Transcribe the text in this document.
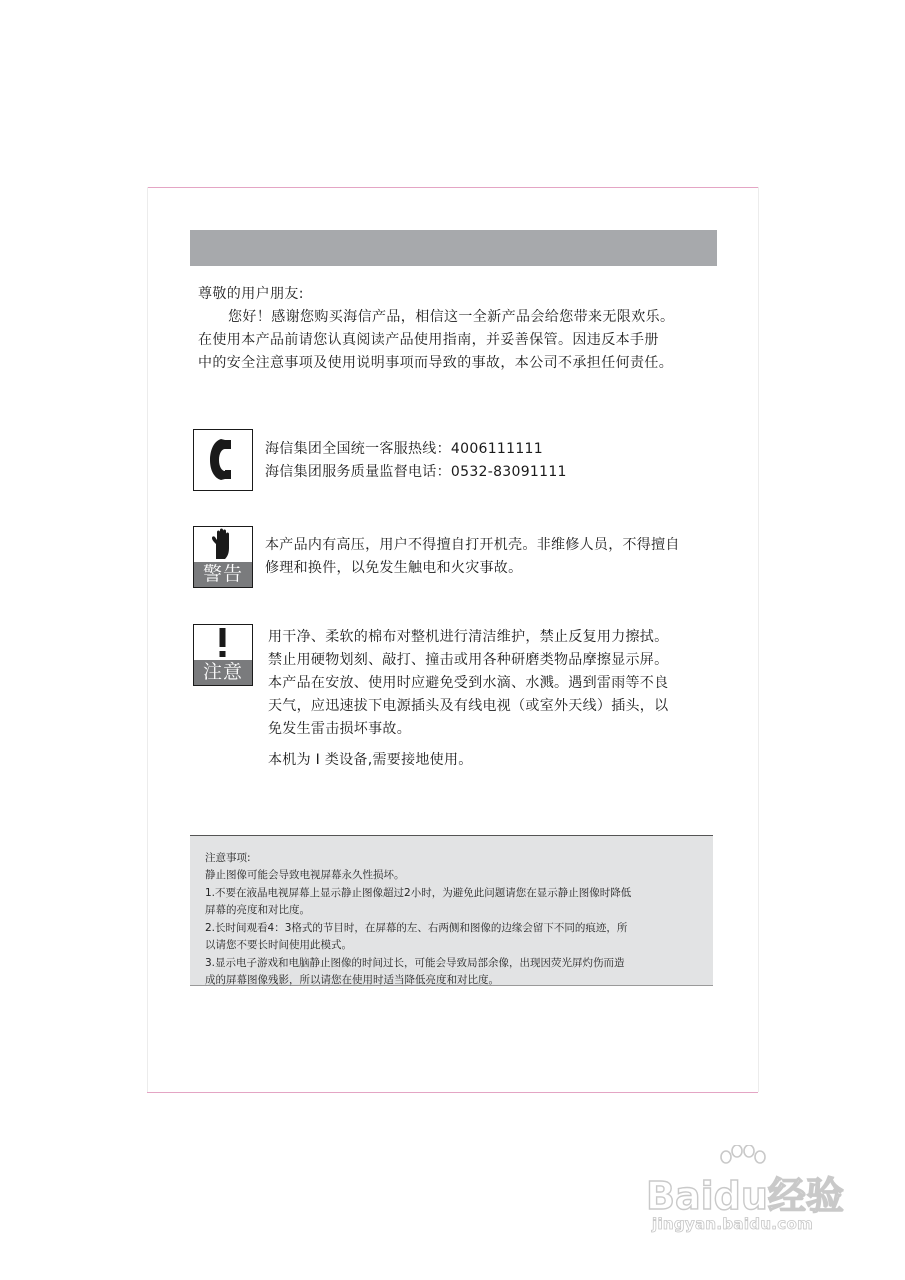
尊敬的用户朋友:

您好！感谢您购买海信产品，相信这一全新产品会给您带来无限欢乐。

在使用本产品前请您认真阅读产品使用指南，并妥善保管。因违反本手册

中的安全注意事项及使用说明事项而导致的事故，本公司不承担任何责任。

海信集团全国统一客服热线：4006111111

海信集团服务质量监督电话：0532-83091111

警告

本产品内有高压，用户不得擅自打开机壳。非维修人员，不得擅自

修理和换件，以免发生触电和火灾事故。

注意

用干净、柔软的棉布对整机进行清洁维护，禁止反复用力擦拭。

禁止用硬物划刻、敲打、撞击或用各种研磨类物品摩擦显示屏。

本产品在安放、使用时应避免受到水滴、水溅。遇到雷雨等不良

天气，应迅速拔下电源插头及有线电视（或室外天线）插头，以

免发生雷击损坏事故。

本机为 I 类设备,需要接地使用。

注意事项:

静止图像可能会导致电视屏幕永久性损坏。

1.不要在液晶电视屏幕上显示静止图像超过2小时，为避免此问题请您在显示静止图像时降低

屏幕的亮度和对比度。

2.长时间观看4：3格式的节目时，在屏幕的左、右两侧和图像的边缘会留下不同的痕迹，所

以请您不要长时间使用此模式。

3.显示电子游戏和电脑静止图像的时间过长，可能会导致局部余像，出现因荧光屏灼伤而造

成的屏幕图像残影，所以请您在使用时适当降低亮度和对比度。

Baidu经验
jingyan.baidu.com
